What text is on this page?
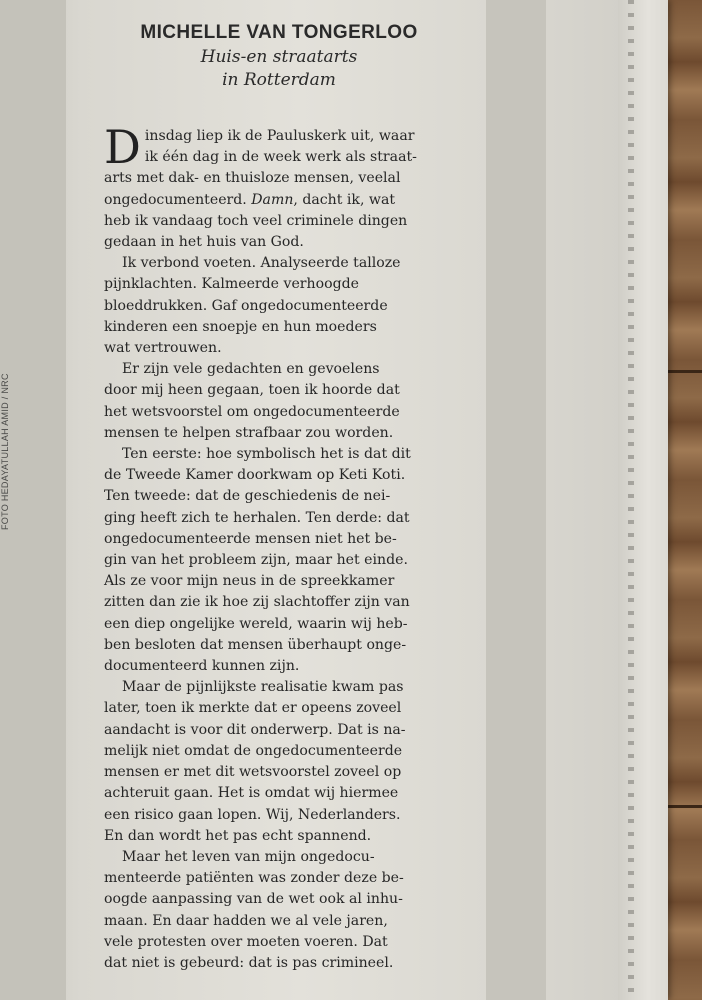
FOTO HEDAYATULLAH AMID / NRC
MICHELLE VAN TONGERLOO
Huis-en straatarts
in Rotterdam

D insdag liep ik de Pauluskerk uit, waar
ik één dag in de week werk als straat-
arts met dak- en thuisloze mensen, veelal
ongedocumenteerd. Damn, dacht ik, wat
heb ik vandaag toch veel criminele dingen
gedaan in het huis van God.

Ik verbond voeten. Analyseerde talloze
pijnklachten. Kalmeerde verhoogde
bloeddrukken. Gaf ongedocumenteerde
kinderen een snoepje en hun moeders
wat vertrouwen.

Er zijn vele gedachten en gevoelens
door mij heen gegaan, toen ik hoorde dat
het wetsvoorstel om ongedocumenteerde
mensen te helpen strafbaar zou worden.

Ten eerste: hoe symbolisch het is dat dit
de Tweede Kamer doorkwam op Keti Koti.
Ten tweede: dat de geschiedenis de nei-
ging heeft zich te herhalen. Ten derde: dat
ongedocumenteerde mensen niet het be-
gin van het probleem zijn, maar het einde.
Als ze voor mijn neus in de spreekkamer
zitten dan zie ik hoe zij slachtoffer zijn van
een diep ongelijke wereld, waarin wij heb-
ben besloten dat mensen überhaupt onge-
documenteerd kunnen zijn.

Maar de pijnlijkste realisatie kwam pas
later, toen ik merkte dat er opeens zoveel
aandacht is voor dit onderwerp. Dat is na-
melijk niet omdat de ongedocumenteerde
mensen er met dit wetsvoorstel zoveel op
achteruit gaan. Het is omdat wij hiermee
een risico gaan lopen. Wij, Nederlanders.
En dan wordt het pas echt spannend.

Maar het leven van mijn ongedocu-
menteerde patiënten was zonder deze be-
oogde aanpassing van de wet ook al inhu-
maan. En daar hadden we al vele jaren,
vele protesten over moeten voeren. Dat
dat niet is gebeurd: dat is pas crimineel.
